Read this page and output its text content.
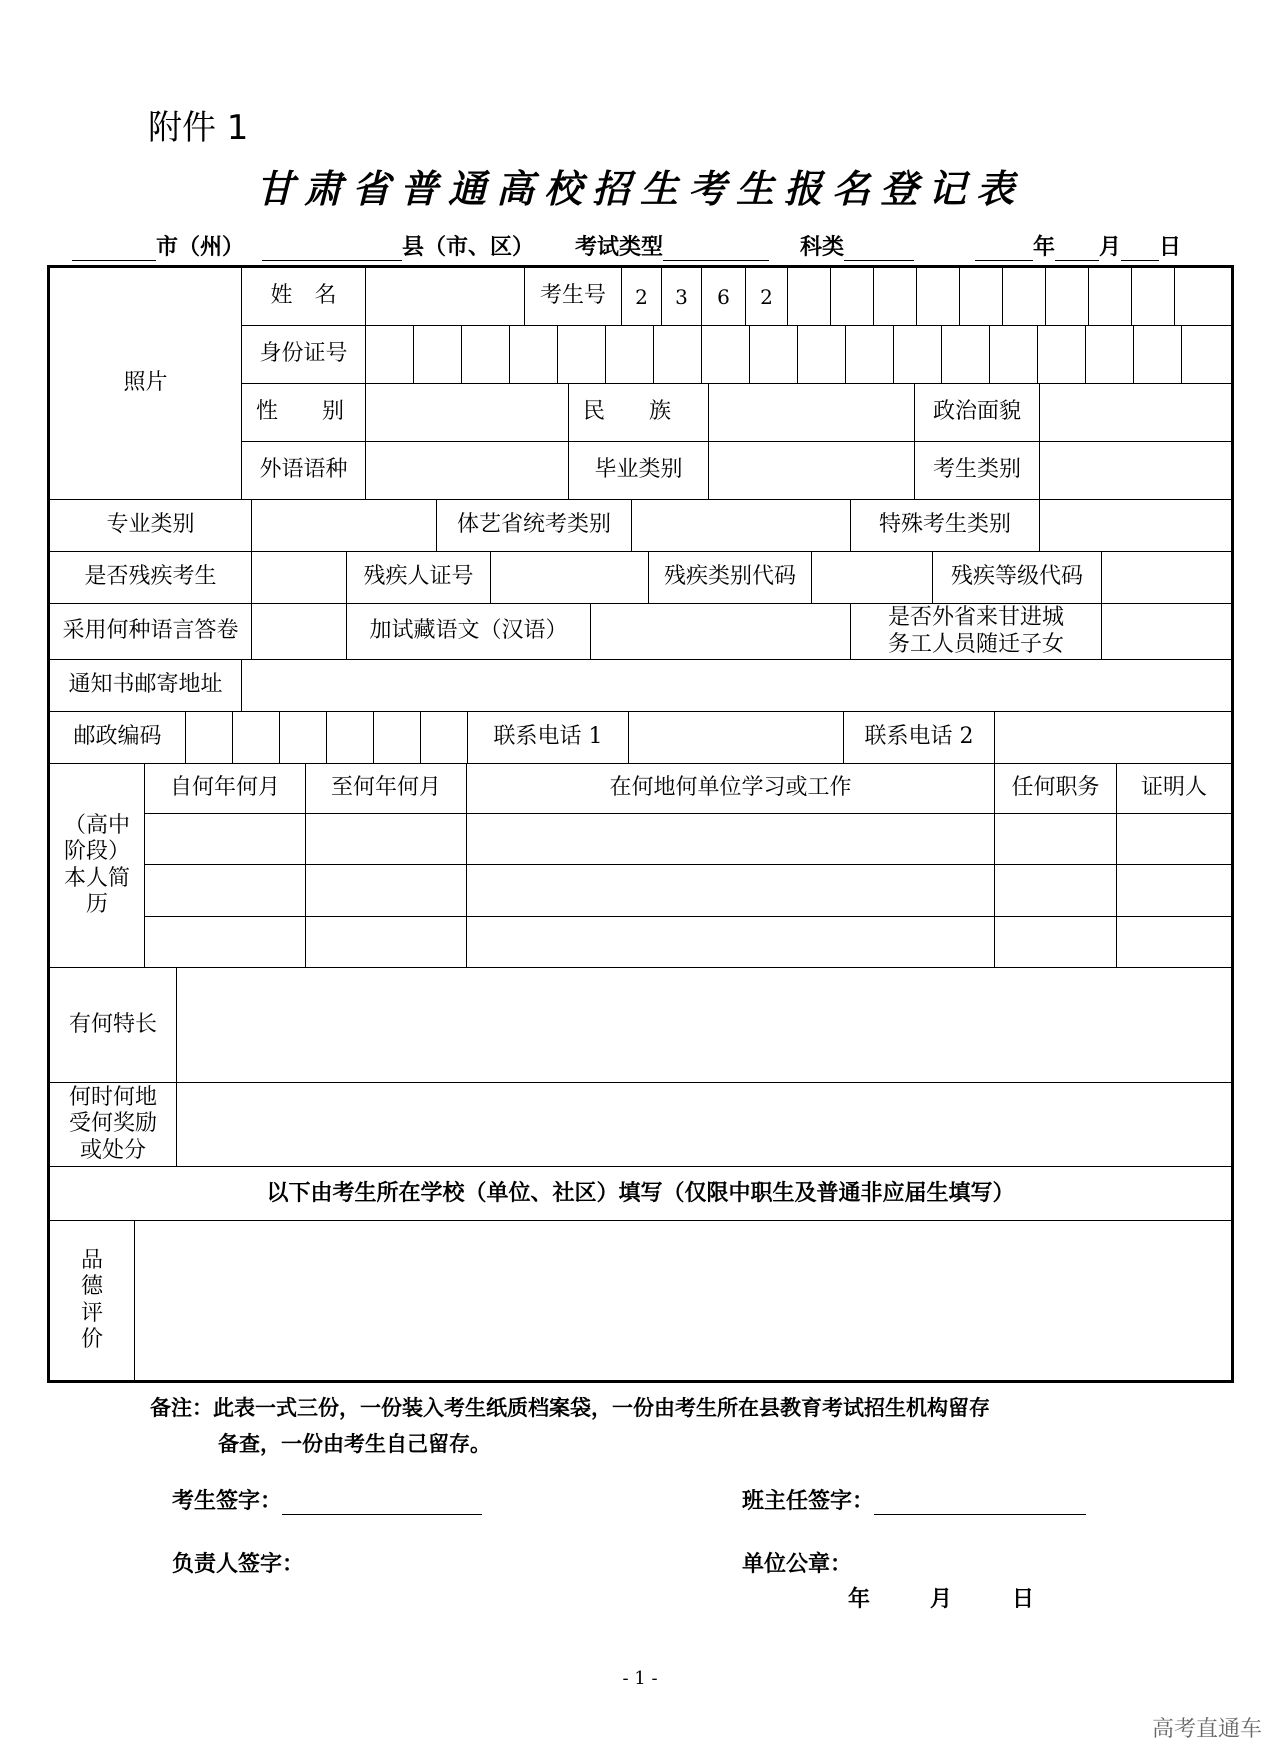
附件 1
甘肃省普通高校招生考生报名登记表
市（州）	县（市、区） 考试类型	科类	年 月 日
照片
姓　名	考生号	2	3	6	2
身份证号
性　　别	民　　族	政治面貌
外语语种	毕业类别	考生类别
专业类别	体艺省统考类别	特殊考生类别
是否残疾考生	残疾人证号	残疾类别代码	残疾等级代码
采用何种语言答卷	加试藏语文（汉语）
是否外省来甘进城
务工人员随迁子女
通知书邮寄地址
邮政编码	联系电话 1	联系电话 2
（高中阶段）本人简历
自何年何月	至何年何月	在何地何单位学习或工作	任何职务	证明人
有何特长
何时何地受何奖励或处分
以下由考生所在学校（单位、社区）填写（仅限中职生及普通非应届生填写）
品德评价
备注：此表一式三份，一份装入考生纸质档案袋，一份由考生所在县教育考试招生机构留存
备查，一份由考生自己留存。
考生签字：	班主任签字：
负责人签字：	单位公章：
年	月	日
- 1 -
高考直通车
